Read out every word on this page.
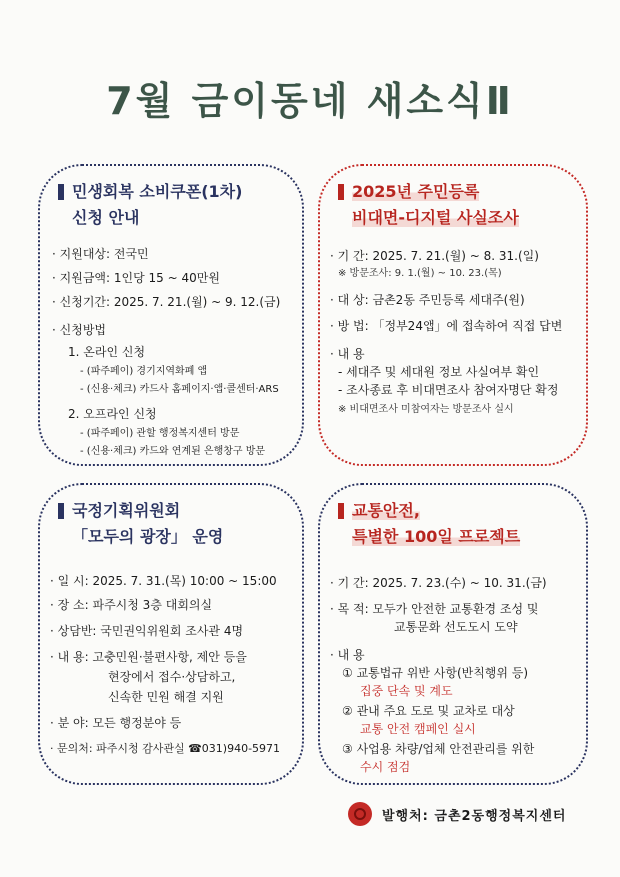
7월 금이동네 새소식Ⅱ
민생회복 소비쿠폰(1차)
신청 안내
· 지원대상: 전국민
· 지원금액: 1인당 15 ~ 40만원
· 신청기간: 2025. 7. 21.(월) ~ 9. 12.(금)
· 신청방법
1. 온라인 신청
- (파주페이) 경기지역화폐 앱
- (신용·체크) 카드사 홈페이지·앱·콜센터·ARS
2. 오프라인 신청
- (파주페이) 관할 행정복지센터 방문
- (신용·체크) 카드와 연계된 은행창구 방문
2025년 주민등록
비대면-디지털 사실조사
· 기 간: 2025. 7. 21.(월) ~ 8. 31.(일)
※ 방문조사: 9. 1.(월) ~ 10. 23.(목)
· 대 상: 금촌2동 주민등록 세대주(원)
· 방 법: 「정부24앱」에 접속하여 직접 답변
· 내 용
- 세대주 및 세대원 정보 사실여부 확인
- 조사종료 후 비대면조사 참여자명단 확정
※ 비대면조사 미참여자는 방문조사 실시
국정기획위원회
「모두의 광장」 운영
· 일 시: 2025. 7. 31.(목) 10:00 ~ 15:00
· 장 소: 파주시청 3층 대회의실
· 상담반: 국민권익위원회 조사관 4명
· 내 용: 고충민원·불편사항, 제안 등을
현장에서 접수·상담하고,
신속한 민원 해결 지원
· 분 야: 모든 행정분야 등
· 문의처: 파주시청 감사관실 ☎031)940-5971
교통안전,
특별한 100일 프로젝트
· 기 간: 2025. 7. 23.(수) ~ 10. 31.(금)
· 목 적: 모두가 안전한 교통환경 조성 및
교통문화 선도도시 도약
· 내 용
① 교통법규 위반 사항(반칙행위 등)
집중 단속 및 계도
② 관내 주요 도로 및 교차로 대상
교통 안전 캠페인 실시
③ 사업용 차량/업체 안전관리를 위한
수시 점검
발행처: 금촌2동행정복지센터
